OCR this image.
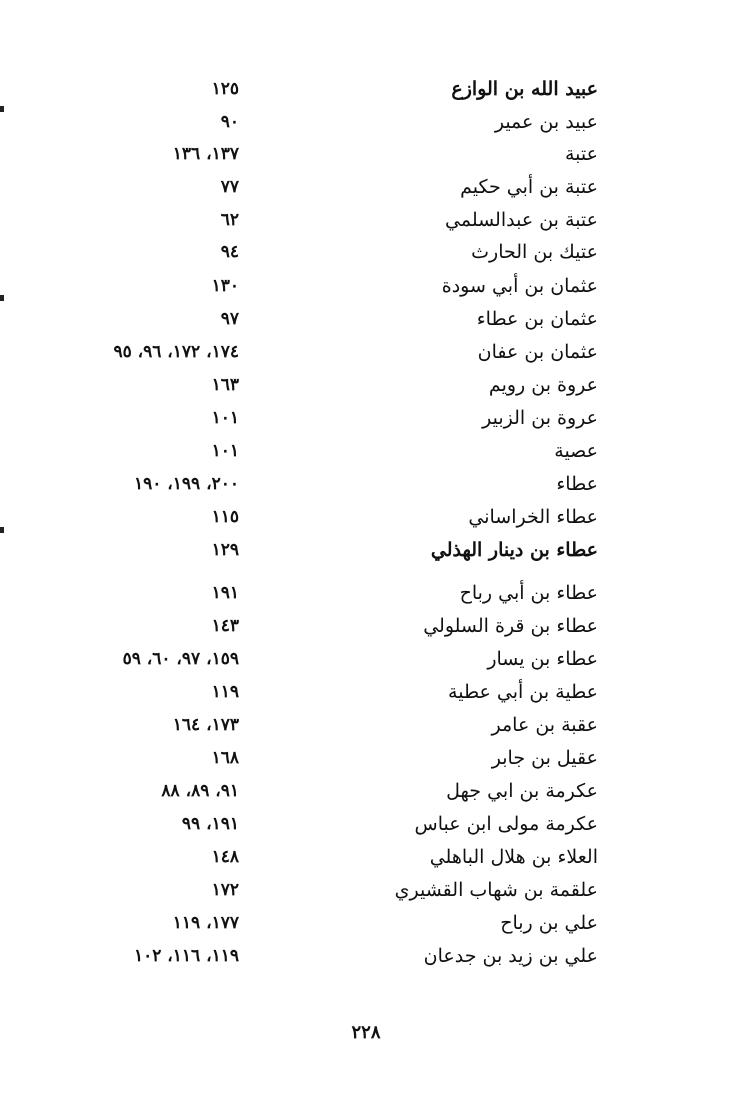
عبيد الله بن الوازع
١٢٥
عبيد بن عمير
٩٠
عتبة
١٣٧، ١٣٦
عتبة بن أبي حكيم
٧٧
عتبة بن عبدالسلمي
٦٢
عتيك بن الحارث
٩٤
عثمان بن أبي سودة
١٣٠
عثمان بن عطاء
٩٧
عثمان بن عفان
١٧٤، ١٧٢، ٩٦، ٩٥
عروة بن رويم
١٦٣
عروة بن الزبير
١٠١
عصية
١٠١
عطاء
٢٠٠، ١٩٩، ١٩٠
عطاء الخراساني
١١٥
عطاء بن دينار الهذلي
١٢٩
عطاء بن أبي رباح
١٩١
عطاء بن قرة السلولي
١٤٣
عطاء بن يسار
١٥٩، ٩٧، ٦٠، ٥٩
عطية بن أبي عطية
١١٩
عقبة بن عامر
١٧٣، ١٦٤
عقيل بن جابر
١٦٨
عكرمة بن ابي جهل
٩١، ٨٩، ٨٨
عكرمة مولى ابن عباس
١٩١، ٩٩
العلاء بن هلال الباهلي
١٤٨
علقمة بن شهاب القشيري
١٧٢
علي بن رباح
١٧٧، ١١٩
علي بن زيد بن جدعان
١١٩، ١١٦، ١٠٢
٢٢٨
